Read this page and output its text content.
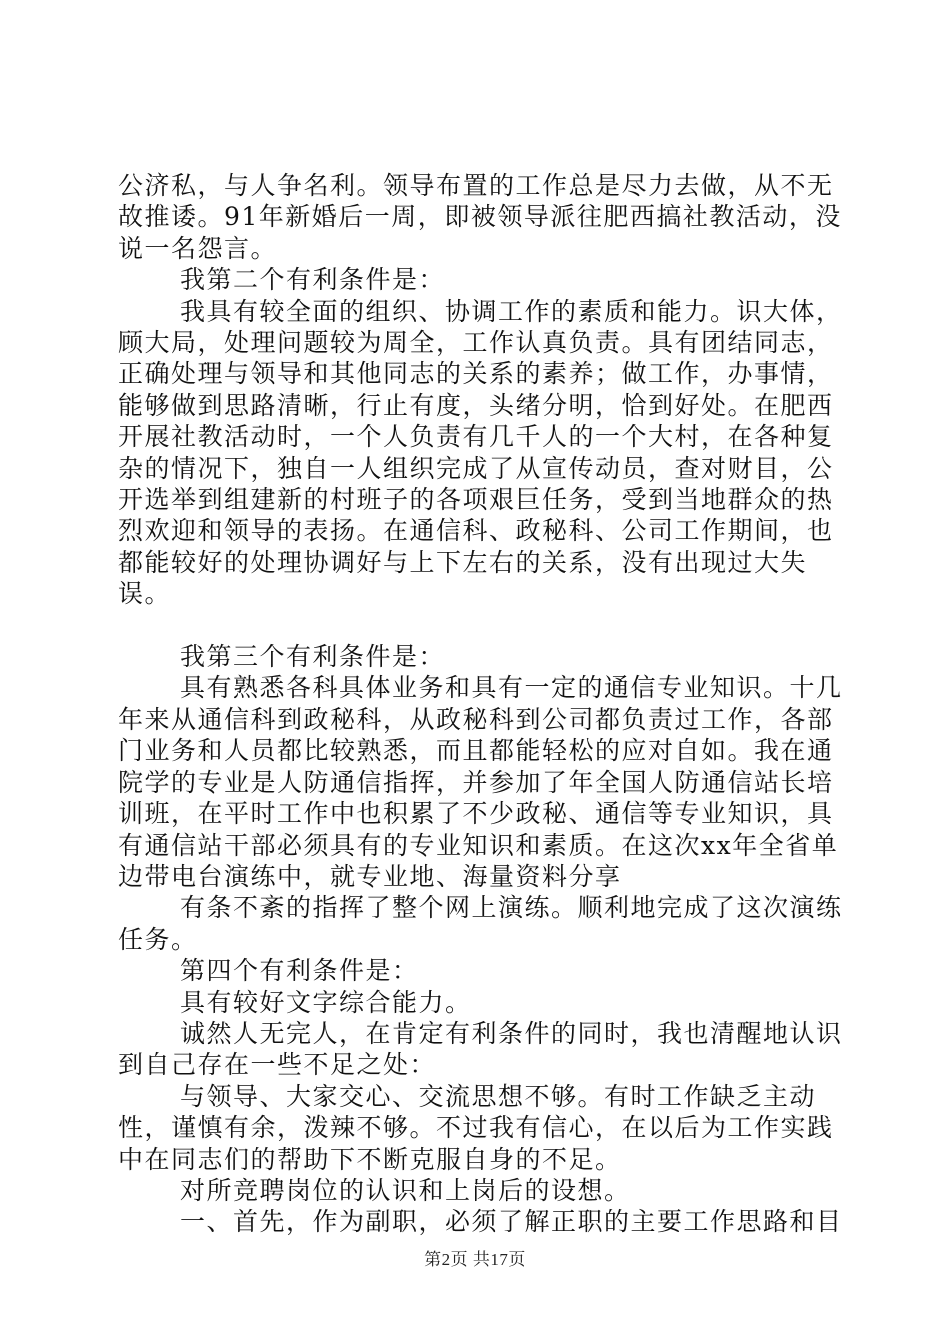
公济私，与人争名利。领导布置的工作总是尽力去做，从不无故推诿。91年新婚后一周，即被领导派往肥西搞社教活动，没说一名怨言。

我第二个有利条件是：

我具有较全面的组织、协调工作的素质和能力。识大体，顾大局，处理问题较为周全，工作认真负责。具有团结同志，正确处理与领导和其他同志的关系的素养；做工作，办事情，能够做到思路清晰，行止有度，头绪分明，恰到好处。在肥西开展社教活动时，一个人负责有几千人的一个大村，在各种复杂的情况下，独自一人组织完成了从宣传动员，查对财目，公开选举到组建新的村班子的各项艰巨任务，受到当地群众的热烈欢迎和领导的表扬。在通信科、政秘科、公司工作期间，也都能较好的处理协调好与上下左右的关系，没有出现过大失误。

我第三个有利条件是：

具有熟悉各科具体业务和具有一定的通信专业知识。十几年来从通信科到政秘科，从政秘科到公司都负责过工作，各部门业务和人员都比较熟悉，而且都能轻松的应对自如。我在通院学的专业是人防通信指挥，并参加了年全国人防通信站长培训班，在平时工作中也积累了不少政秘、通信等专业知识，具有通信站干部必须具有的专业知识和素质。在这次xx年全省单边带电台演练中，就专业地、海量资料分享

有条不紊的指挥了整个网上演练。顺利地完成了这次演练任务。

第四个有利条件是：

具有较好文字综合能力。

诚然人无完人，在肯定有利条件的同时，我也清醒地认识到自己存在一些不足之处：

与领导、大家交心、交流思想不够。有时工作缺乏主动性，谨慎有余，泼辣不够。不过我有信心，在以后为工作实践中在同志们的帮助下不断克服自身的不足。

对所竞聘岗位的认识和上岗后的设想。

一、首先，作为副职，必须了解正职的主要工作思路和目

第2页 共17页
